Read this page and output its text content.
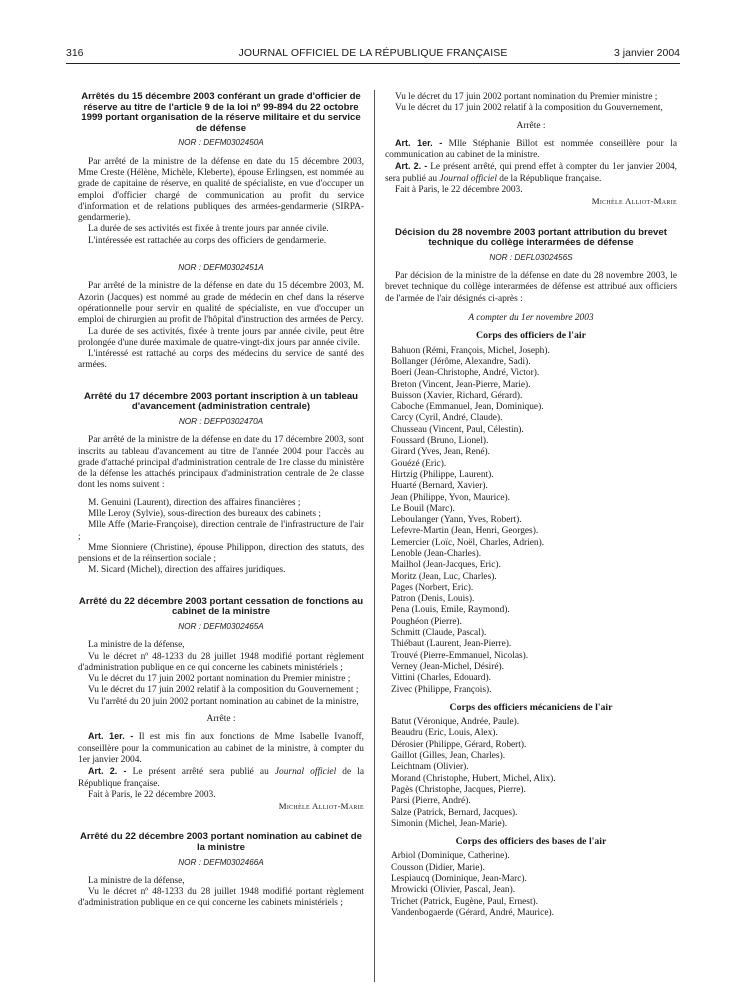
316	JOURNAL OFFICIEL DE LA RÉPUBLIQUE FRANÇAISE	3 janvier 2004
Arrêtés du 15 décembre 2003 conférant un grade d'officier de réserve au titre de l'article 9 de la loi nº 99-894 du 22 octobre 1999 portant organisation de la réserve militaire et du service de défense
NOR : DEFM0302450A

Par arrêté de la ministre de la défense en date du 15 décembre 2003, Mme Creste (Hélène, Michèle, Kleberte), épouse Erlingsen, est nommée au grade de capitaine de réserve, en qualité de spécialiste, en vue d'occuper un emploi d'officier chargé de communication au profit du service d'information et de relations publiques des armées-gendarmerie (SIRPA-gendarmerie).

La durée de ses activités est fixée à trente jours par année civile.

L'intéressée est rattachée au corps des officiers de gendarmerie.

NOR : DEFM0302451A

Par arrêté de la ministre de la défense en date du 15 décembre 2003, M. Azorin (Jacques) est nommé au grade de médecin en chef dans la réserve opérationnelle pour servir en qualité de spécialiste, en vue d'occuper un emploi de chirurgien au profit de l'hôpital d'instruction des armées de Percy.

La durée de ses activités, fixée à trente jours par année civile, peut être prolongée d'une durée maximale de quatre-vingt-dix jours par année civile.

L'intéressé est rattaché au corps des médecins du service de santé des armées.

Arrêté du 17 décembre 2003 portant inscription à un tableau d'avancement (administration centrale)
NOR : DEFP0302470A

Par arrêté de la ministre de la défense en date du 17 décembre 2003, sont inscrits au tableau d'avancement au titre de l'année 2004 pour l'accès au grade d'attaché principal d'administration centrale de 1re classe du ministère de la défense les attachés principaux d'administration centrale de 2e classe dont les noms suivent :

M. Genuini (Laurent), direction des affaires financières ;

Mlle Leroy (Sylvie), sous-direction des bureaux des cabinets ;

Mlle Affe (Marie-Françoise), direction centrale de l'infrastructure de l'air ;

Mme Sionniere (Christine), épouse Philippon, direction des statuts, des pensions et de la réinsertion sociale ;

M. Sicard (Michel), direction des affaires juridiques.

Arrêté du 22 décembre 2003 portant cessation de fonctions au cabinet de la ministre
NOR : DEFM0302465A

La ministre de la défense,

Vu le décret nº 48-1233 du 28 juillet 1948 modifié portant règlement d'administration publique en ce qui concerne les cabinets ministériels ;

Vu le décret du 17 juin 2002 portant nomination du Premier ministre ;

Vu le décret du 17 juin 2002 relatif à la composition du Gouvernement ;

Vu l'arrêté du 20 juin 2002 portant nomination au cabinet de la ministre,

Arrête :

Art. 1er. - Il est mis fin aux fonctions de Mme Isabelle Ivanoff, conseillère pour la communication au cabinet de la ministre, à compter du 1er janvier 2004.

Art. 2. - Le présent arrêté sera publié au Journal officiel de la République française.

Fait à Paris, le 22 décembre 2003.

Michèle Alliot-Marie

Arrêté du 22 décembre 2003 portant nomination au cabinet de la ministre
NOR : DEFM0302466A

La ministre de la défense,

Vu le décret nº 48-1233 du 28 juillet 1948 modifié portant règlement d'administration publique en ce qui concerne les cabinets ministériels ;

Vu le décret du 17 juin 2002 portant nomination du Premier ministre ;

Vu le décret du 17 juin 2002 relatif à la composition du Gouvernement,

Arrête :

Art. 1er. - Mlle Stéphanie Billot est nommée conseillère pour la communication au cabinet de la ministre.

Art. 2. - Le présent arrêté, qui prend effet à compter du 1er janvier 2004, sera publié au Journal officiel de la République française.

Fait à Paris, le 22 décembre 2003.

Michèle Alliot-Marie

Décision du 28 novembre 2003 portant attribution du brevet technique du collège interarmées de défense
NOR : DEFL0302456S

Par décision de la ministre de la défense en date du 28 novembre 2003, le brevet technique du collège interarmées de défense est attribué aux officiers de l'armée de l'air désignés ci-après :

A compter du 1er novembre 2003

Corps des officiers de l'air

Bahuon (Rémi, François, Michel, Joseph).
Bollanger (Jérôme, Alexandre, Sadi).
Boeri (Jean-Christophe, André, Victor).
Breton (Vincent, Jean-Pierre, Marie).
Buisson (Xavier, Richard, Gérard).
Caboche (Emmanuel, Jean, Dominique).
Carcy (Cyril, André, Claude).
Chusseau (Vincent, Paul, Célestin).
Foussard (Bruno, Lionel).
Girard (Yves, Jean, René).
Gouézé (Eric).
Hirtzig (Philippe, Laurent).
Huarté (Bernard, Xavier).
Jean (Philippe, Yvon, Maurice).
Le Bouil (Marc).
Leboulanger (Yann, Yves, Robert).
Lefevre-Martin (Jean, Henri, Georges).
Lemercier (Loïc, Noël, Charles, Adrien).
Lenoble (Jean-Charles).
Mailhol (Jean-Jacques, Eric).
Moritz (Jean, Luc, Charles).
Pages (Norbert, Eric).
Patron (Denis, Louis).
Pena (Louis, Emile, Raymond).
Poughéon (Pierre).
Schmitt (Claude, Pascal).
Thiébaut (Laurent, Jean-Pierre).
Trouvé (Pierre-Emmanuel, Nicolas).
Verney (Jean-Michel, Désiré).
Vittini (Charles, Edouard).
Zivec (Philippe, François).

Corps des officiers mécaniciens de l'air

Batut (Véronique, Andrée, Paule).
Beaudru (Eric, Louis, Alex).
Dérosier (Philippe, Gérard, Robert).
Gaillot (Gilles, Jean, Charles).
Leichtnam (Olivier).
Morand (Christophe, Hubert, Michel, Alix).
Pagès (Christophe, Jacques, Pierre).
Parsi (Pierre, André).
Salze (Patrick, Bernard, Jacques).
Simonin (Michel, Jean-Marie).

Corps des officiers des bases de l'air

Arbiol (Dominique, Catherine).
Cousson (Didier, Marie).
Lespiaucq (Dominique, Jean-Marc).
Mrowicki (Olivier, Pascal, Jean).
Trichet (Patrick, Eugène, Paul, Ernest).
Vandenbogaerde (Gérard, André, Maurice).
